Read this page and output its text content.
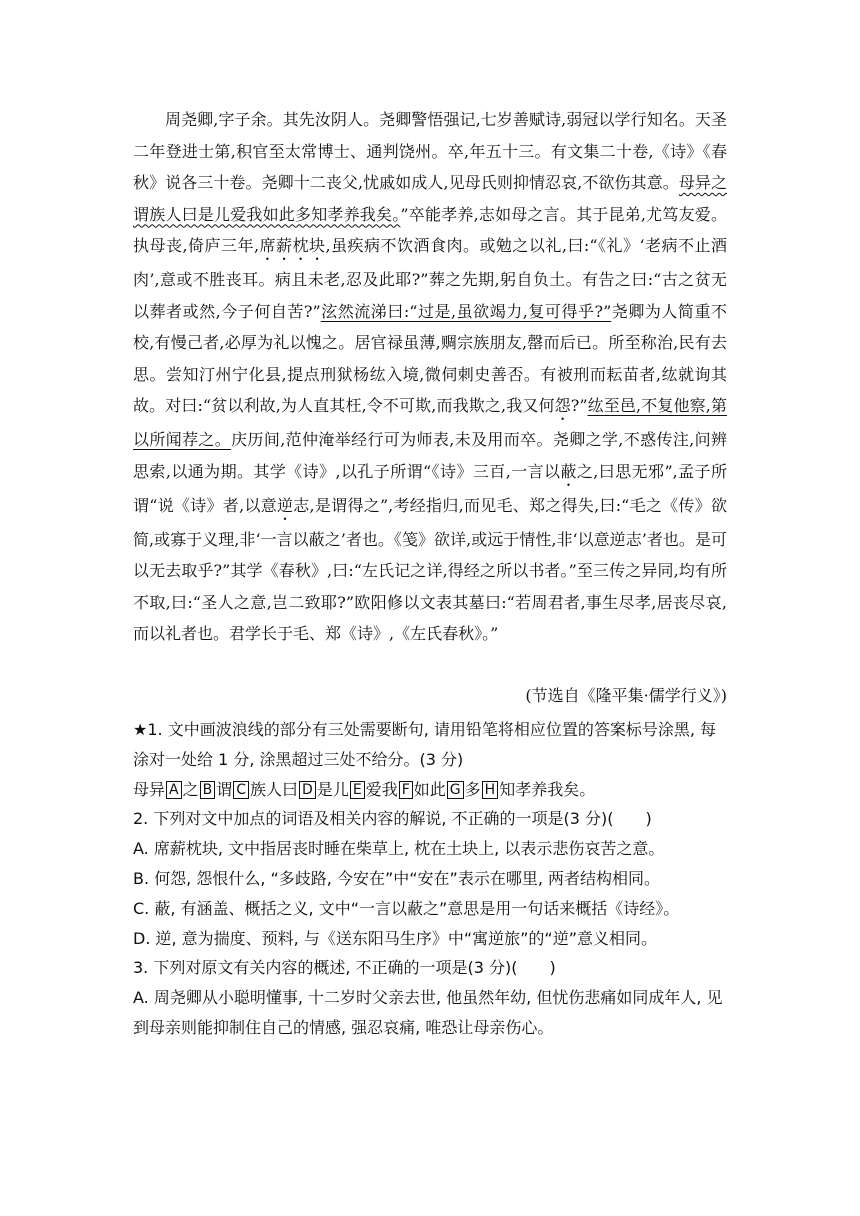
周尧卿,字子余。其先汝阴人。尧卿警悟强记,七岁善赋诗,弱冠以学行知名。天圣二年登进士第,积官至太常博士、通判饶州。卒,年五十三。有文集二十卷,《诗》《春秋》说各三十卷。尧卿十二丧父,忧戚如成人,见母氏则抑情忍哀,不欲伤其意。母异之谓族人曰是儿爱我如此多知孝养我矣。”卒能孝养,志如母之言。其于昆弟,尤笃友爱。执母丧,倚庐三年,席薪枕块,虽疾病不饮酒食肉。或勉之以礼,曰:“《礼》‘老病不止酒肉’,意或不胜丧耳。病且未老,忍及此耶?”葬之先期,躬自负土。有告之曰:“古之贫无以葬者或然,今子何自苦?”泫然流涕曰:“过是,虽欲竭力,复可得乎?”尧卿为人简重不校,有慢己者,必厚为礼以愧之。居官禄虽薄,赒宗族朋友,罄而后已。所至称治,民有去思。尝知汀州宁化县,提点刑狱杨纮入境,微伺刺史善否。有被刑而耘苗者,纮就询其故。对曰:“贫以利故,为人直其枉,令不可欺,而我欺之,我又何怨?”纮至邑,不复他察,第以所闻荐之。庆历间,范仲淹举经行可为师表,未及用而卒。尧卿之学,不惑传注,问辨思索,以通为期。其学《诗》,以孔子所谓“《诗》三百,一言以蔽之,曰思无邪”,孟子所谓“说《诗》者,以意逆志,是谓得之”,考经指归,而见毛、郑之得失,曰:“毛之《传》欲简,或寡于义理,非‘一言以蔽之’者也。《笺》欲详,或远于情性,非‘以意逆志’者也。是可以无去取乎?”其学《春秋》,曰:“左氏记之详,得经之所以书者。”至三传之异同,均有所不取,曰:“圣人之意,岂二致耶?”欧阳修以文表其墓曰:“若周君者,事生尽孝,居丧尽哀,而以礼者也。君学长于毛、郑《诗》,《左氏春秋》。”

(节选自《隆平集·儒学行义》)

★1. 文中画波浪线的部分有三处需要断句, 请用铅笔将相应位置的答案标号涂黑, 每涂对一处给 1 分, 涂黑超过三处不给分。(3 分)

母异 A 之 B 谓 C 族人曰 D 是儿 E 爱我 F 如此 G 多 H 知孝养我矣。

2. 下列对文中加点的词语及相关内容的解说, 不正确的一项是(3 分)(　　)

A. 席薪枕块, 文中指居丧时睡在柴草上, 枕在土块上, 以表示悲伤哀苦之意。

B. 何怨, 怨恨什么, “多歧路, 今安在”中“安在”表示在哪里, 两者结构相同。

C. 蔽, 有涵盖、概括之义, 文中“一言以蔽之”意思是用一句话来概括《诗经》。

D. 逆, 意为揣度、预料, 与《送东阳马生序》中“寓逆旅”的“逆”意义相同。

3. 下列对原文有关内容的概述, 不正确的一项是(3 分)(　　)

A. 周尧卿从小聪明懂事, 十二岁时父亲去世, 他虽然年幼, 但忧伤悲痛如同成年人, 见到母亲则能抑制住自己的情感, 强忍哀痛, 唯恐让母亲伤心。
